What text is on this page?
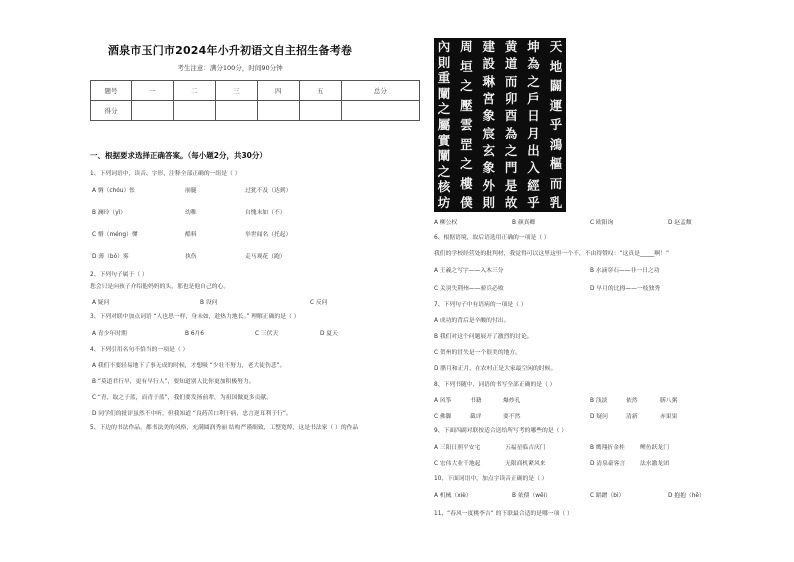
酒泉市玉门市2024年小升初语文自主招生备考卷
考生注意：满分100分，时间90分钟
题号	一	二	三	四	五	总分
得分						
一、根据要求选择正确答案。（每小题2分，共30分）
1、下列词语中，读音、字形、注释全部正确的一组是（ ）
A 惆（chóu）怅	崩腿	过犹不及（达到）
B 澜玲（yì）	幼稚	自愧未如（不）
C 懵（méng）懂	酷料	举世闻名（托起）
D 薄（bó）雾	执伤	走马观花（跑）
2、下列句子属于（ ）
您会只是向孩子介绍他妈妈的头，那也是他自己的心。
A 疑问	B 设问	C 反问
3、下列对联中加点词语 “人也思一样，身未如，趁热力地长。” 理解正确的是（ ）
A 青少年时期	B 6月6	C 三伏天	D 夏天
4、下列引用名句不恰当的一项是（ ）
A 我们不要轻易地下了事无成的时候，才想吸 “少壮不努力，老大徒伤悲”。
B “莫道君行早，更有早行人”，要知道别人比你更加积极努力。
C “青，取之于蓝，而青于蓝”，我们要发扬前辈，为祖国做更多贡献。
D 同学们的批评虽然不中听，但我知道 “良药苦口利于病，忠言逆耳利于行”。
5、下边的书法作品，都书法美的风格，充满圆润秀丽 结构严谨细致，工整宽绰，这是书法家（ ）的作品
天
地
闢
運
乎
鴻
樞
而
乳
坤
為
之
戶
日
月
出
入
經
乎
黄
道
而
卯
酉
為
之
門
是
故
建
設
琳
宮
象
宸
玄
象
外
則
周
垣
之
壓
雲
罡
之
樓
僕
內
則
重
闡
之
屬
實
闡
之
核
坊
A 柳公权	B 颜真卿	C 欧阳询	D 赵孟頫
6、根据语境，取后语选用正确的一项是（ ）
我们的学校经营处的批判材，我觉得可以这里这里一个不，不由得赞叹：“这真是_____啊！”
A 王羲之写字——入木三分	B 水滴穿石——非一日之功
C 关羽失荆州——骄兵必败	D 早月的比拇——一枝独秀
7、下列句子中有语病的一项是（ ）
A 成功的背后是辛酸的付出。
B 我们对这个问题展开了激烈的讨论。
C 贺州的冒失是一个很美的地方。
D 腊月和正月，在农村正是大家最空闲的时候。
8、下列书随中，词语的书写全部正确的是（ ）
A 风筝	书籍	爆炒孔	B 浅淡	依然	膳八粥
C 佛脚	截评	要不然	D 疑问	清新	赤果果
9、下面四副对联按适合送给所写考的哪些的是（ ）
A 三阳日照平安宅	五福星临吉庆门	B 鹰翔折金桂	鲤鱼跃龙门
C 宏伟大业千地起	无限商机紧风来	D 清泉豪客言	法水激龙团
10、下面词语中，加点字读音正确的是（ ）
A 机械（xiè）	B 依偎（wēi）	C 蹈蹭（bì）	D 抱抱（hē）
11、“春风一度桃李吉” 的下联最合适的是哪一项（ ）
